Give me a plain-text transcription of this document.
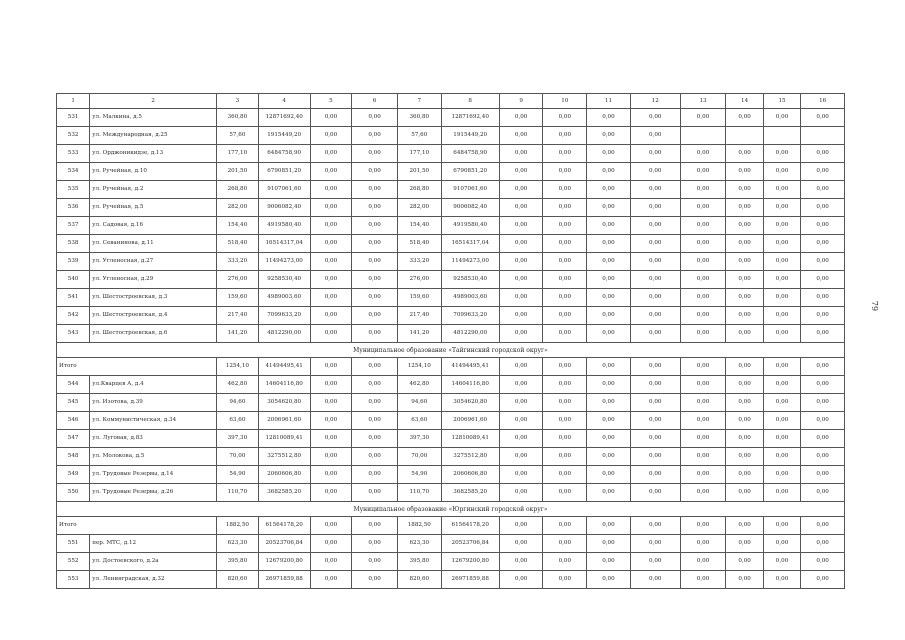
1	2	3	4	5	6	7	8	9	10	11	12	13	14	15	16
531	ул. Малкина, д.5	360,80	12871692,40	0,00	0,00	360,80	12871692,40	0,00	0,00	0,00	0,00	0,00	0,00	0,00	0,00
532	ул. Международная, д.25	57,60	1915449,20	0,00	0,00	57,60	1915449,20	0,00	0,00	0,00	0,00				
533	ул. Орджоникидзе, д.13	177,10	6484758,90	0,00	0,00	177,10	6484758,90	0,00	0,00	0,00	0,00	0,00	0,00	0,00	0,00
534	ул. Ручейная, д.10	201,50	6790851,20	0,00	0,00	201,50	6790851,20	0,00	0,00	0,00	0,00	0,00	0,00	0,00	0,00
535	ул. Ручейная, д.2	268,80	9107061,60	0,00	0,00	268,80	9107061,60	0,00	0,00	0,00	0,00	0,00	0,00	0,00	0,00
536	ул. Ручейная, д.5	282,00	9006082,40	0,00	0,00	282,00	9006082,40	0,00	0,00	0,00	0,00	0,00	0,00	0,00	0,00
537	ул. Садовая, д.16	154,40	4919580,40	0,00	0,00	154,40	4919580,40	0,00	0,00	0,00	0,00	0,00	0,00	0,00	0,00
538	ул. Севанинова, д.11	518,40	16514317,04	0,00	0,00	518,40	16514317,04	0,00	0,00	0,00	0,00	0,00	0,00	0,00	0,00
539	ул. Угленосная, д.27	333,20	11494273,00	0,00	0,00	333,20	11494273,00	0,00	0,00	0,00	0,00	0,00	0,00	0,00	0,00
540	ул. Угленосная, д.29	276,00	9258530,40	0,00	0,00	276,00	9258530,40	0,00	0,00	0,00	0,00	0,00	0,00	0,00	0,00
541	ул. Шестостроевская, д.3	159,60	4989003,60	0,00	0,00	159,60	4989003,60	0,00	0,00	0,00	0,00	0,00	0,00	0,00	0,00
542	ул. Шестостроевская, д.4	217,40	7099633,20	0,00	0,00	217,40	7099633,20	0,00	0,00	0,00	0,00	0,00	0,00	0,00	0,00
543	ул. Шестостроевская, д.6	141,20	4812290,00	0,00	0,00	141,20	4812290,00	0,00	0,00	0,00	0,00	0,00	0,00	0,00	0,00
Муниципальное образование «Тайгинский городской округ»															
Итого		1254,10	41494495,41	0,00	0,00	1254,10	41494495,41	0,00	0,00	0,00	0,00	0,00	0,00	0,00	0,00
544	ул.Кварцев А, д.4	462,80	14604116,80	0,00	0,00	462,80	14604116,80	0,00	0,00	0,00	0,00	0,00	0,00	0,00	0,00
545	ул. Изотова, д.39	94,60	3054620,80	0,00	0,00	94,60	3054620,80	0,00	0,00	0,00	0,00	0,00	0,00	0,00	0,00
546	ул. Коммунистическая, д.34	63,60	2006961,60	0,00	0,00	63,60	2006961,60	0,00	0,00	0,00	0,00	0,00	0,00	0,00	0,00
547	ул. Луговая, д.83	397,30	12810089,41	0,00	0,00	397,30	12810089,41	0,00	0,00	0,00	0,00	0,00	0,00	0,00	0,00
548	ул. Молокова, д.5	70,00	3275512,80	0,00	0,00	70,00	3275512,80	0,00	0,00	0,00	0,00	0,00	0,00	0,00	0,00
549	ул. Трудовые Резервы, д.14	54,90	2060606,80	0,00	0,00	54,90	2060606,80	0,00	0,00	0,00	0,00	0,00	0,00	0,00	0,00
550	ул. Трудовые Резервы, д.26	110,70	3682585,20	0,00	0,00	110,70	3682585,20	0,00	0,00	0,00	0,00	0,00	0,00	0,00	0,00
Муниципальное образование «Юргинский городской округ»															
Итого		1882,50	61564178,20	0,00	0,00	1882,50	61564178,20	0,00	0,00	0,00	0,00	0,00	0,00	0,00	0,00
551	пер. МТС, д.12	623,30	20523706,84	0,00	0,00	623,30	20523706,84	0,00	0,00	0,00	0,00	0,00	0,00	0,00	0,00
552	ул. Достоевского, д.2а	395,80	12679200,80	0,00	0,00	395,80	12679200,80	0,00	0,00	0,00	0,00	0,00	0,00	0,00	0,00
553	ул. Ленинградская, д.32	820,60	26971859,88	0,00	0,00	820,60	26971859,88	0,00	0,00	0,00	0,00	0,00	0,00	0,00	0,00
79
